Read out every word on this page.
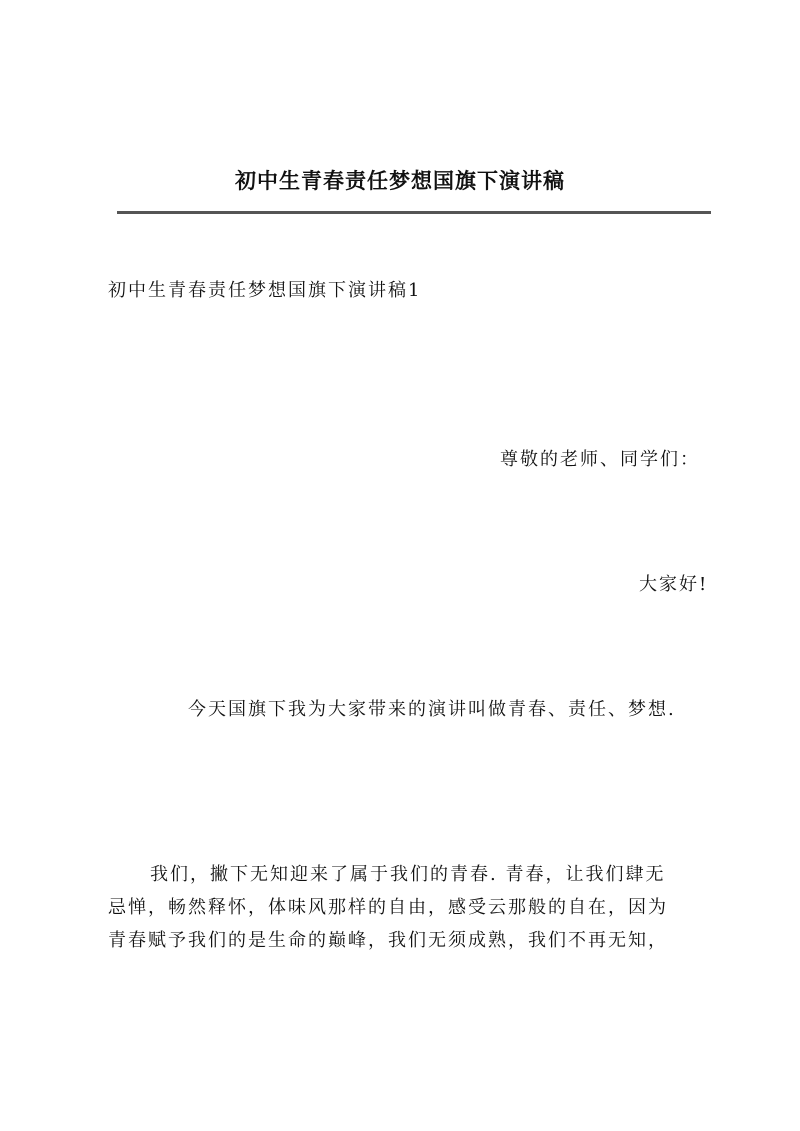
初中生青春责任梦想国旗下演讲稿
初中生青春责任梦想国旗下演讲稿1
尊敬的老师、同学们：
大家好!
今天国旗下我为大家带来的演讲叫做青春、责任、梦想.
我们，撇下无知迎来了属于我们的青春. 青春，让我们肆无
忌惮，畅然释怀，体味风那样的自由，感受云那般的自在，因为
青春赋予我们的是生命的巅峰，我们无须成熟，我们不再无知，
